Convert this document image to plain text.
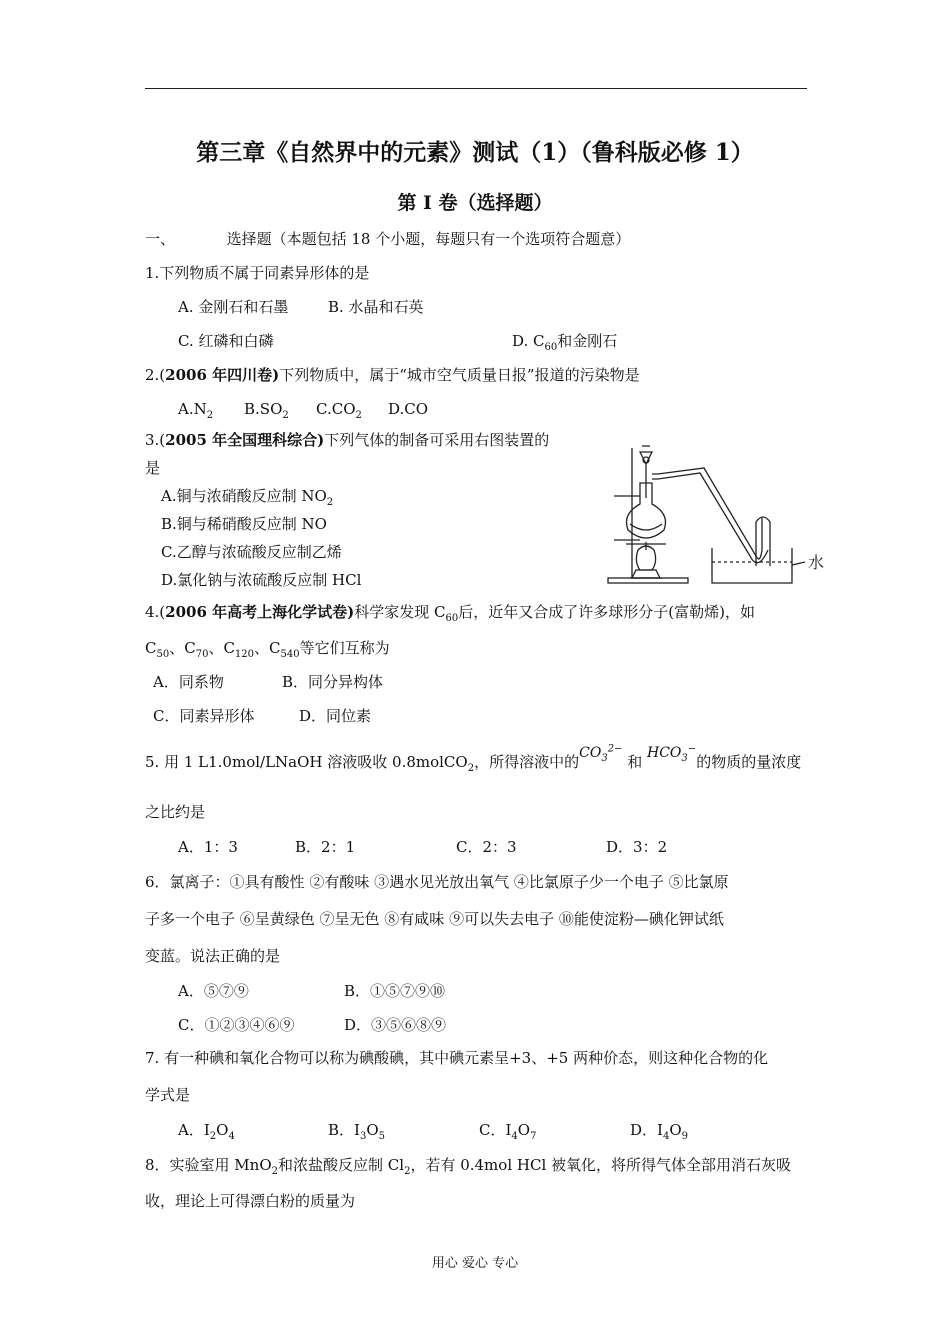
第三章《自然界中的元素》测试（1）（鲁科版必修 1）
第 I 卷（选择题）
一、	选择题（本题包括 18 个小题，每题只有一个选项符合题意）
1.下列物质不属于同素异形体的是
A. 金刚石和石墨	B. 水晶和石英
C. 红磷和白磷	D. $C_{60}$和金刚石
2.(2006 年四川卷)下列物质中，属于“城市空气质量日报”报道的污染物是
$A.N_2$ $B.SO_2$ $C.CO_2$ D.CO
3.(2005 年全国理科综合)下列气体的制备可采用右图装置的
是
A.铜与浓硝酸反应制 $NO_2$
B.铜与稀硝酸反应制 NO
C.乙醇与浓硫酸反应制乙烯
D.氯化钠与浓硫酸反应制 HCl
水
4.(2006 年高考上海化学试卷)科学家发现 $C_{60}$后，近年又合成了许多球形分子(富勒烯)，如
$C_{50}$、$C_{70}$、$C_{120}$、$C_{540}$等它们互称为
A．同系物	B．同分异构体
C．同素异形体	D．同位素
5. 用 1 L1.0mol/LNaOH 溶液吸收 0.8molCO$_2$，所得溶液中的$CO_3^{2-}$ 和 $HCO_3^-$的物质的量浓度
之比约是
A．1：3	B．2：1	C．2：3	D．3：2
6．氯离子：①具有酸性 ②有酸味 ③遇水见光放出氧气 ④比氯原子少一个电子 ⑤比氯原
子多一个电子 ⑥呈黄绿色 ⑦呈无色 ⑧有咸味 ⑨可以失去电子 ⑩能使淀粉—碘化钾试纸
变蓝。说法正确的是
A．⑤⑦⑨	B．①⑤⑦⑨⑩
C．①②③④⑥⑨	D．③⑤⑥⑧⑨
7. 有一种碘和氧化合物可以称为碘酸碘，其中碘元素呈+3、+5 两种价态，则这种化合物的化
学式是
A．$I_2O_4$	B．$I_3O_5$	C．$I_4O_7$	D．$I_4O_9$
8．实验室用 MnO$_2$和浓盐酸反应制 $Cl_2$，若有 0.4mol HCl 被氧化，将所得气体全部用消石灰吸
收，理论上可得漂白粉的质量为
用心 爱心 专心
